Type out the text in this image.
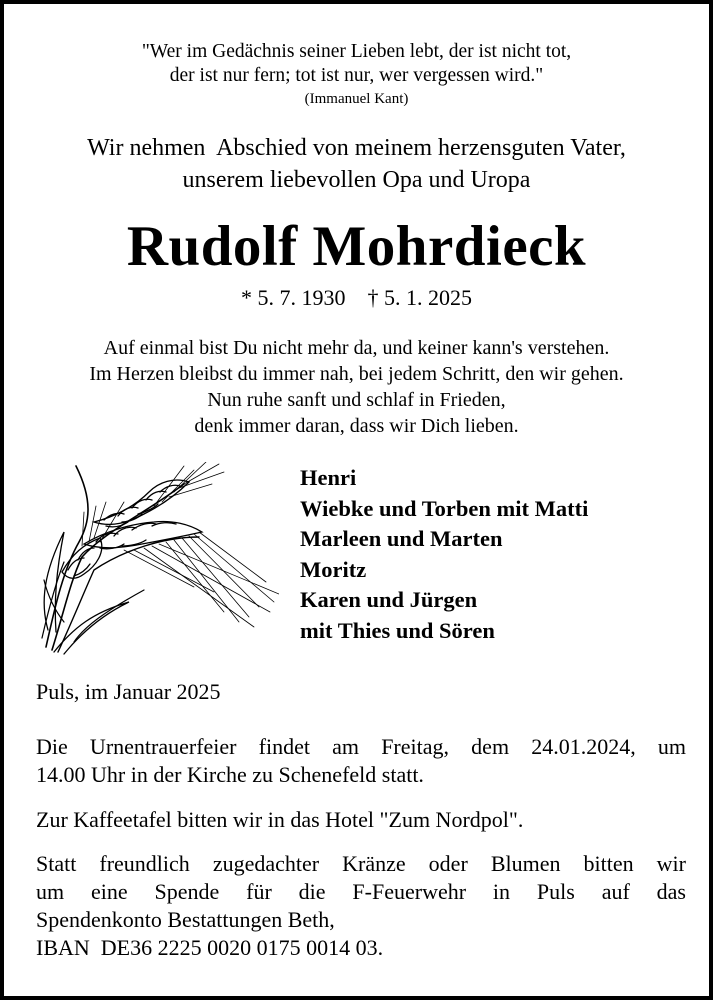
"Wer im Gedächnis seiner Lieben lebt, der ist nicht tot,
der ist nur fern; tot ist nur, wer vergessen wird."
(Immanuel Kant)
Wir nehmen  Abschied von meinem herzensguten Vater,
unserem liebevollen Opa und Uropa
Rudolf Mohrdieck
* 5. 7. 1930 † 5. 1. 2025
Auf einmal bist Du nicht mehr da, und keiner kann's verstehen.
Im Herzen bleibst du immer nah, bei jedem Schritt, den wir gehen.
Nun ruhe sanft und schlaf in Frieden,
denk immer daran, dass wir Dich lieben.
Henri
Wiebke und Torben mit Matti
Marleen und Marten
Moritz
Karen und Jürgen
mit Thies und Sören
Puls, im Januar 2025
Die Urnentrauerfeier findet am Freitag, dem 24.01.2024, um
14.00 Uhr in der Kirche zu Schenefeld statt.
Zur Kaffeetafel bitten wir in das Hotel "Zum Nordpol".
Statt freundlich zugedachter Kränze oder Blumen bitten wir
um eine Spende für die F-Feuerwehr in Puls auf das
Spendenkonto Bestattungen Beth,
IBAN  DE36 2225 0020 0175 0014 03.
